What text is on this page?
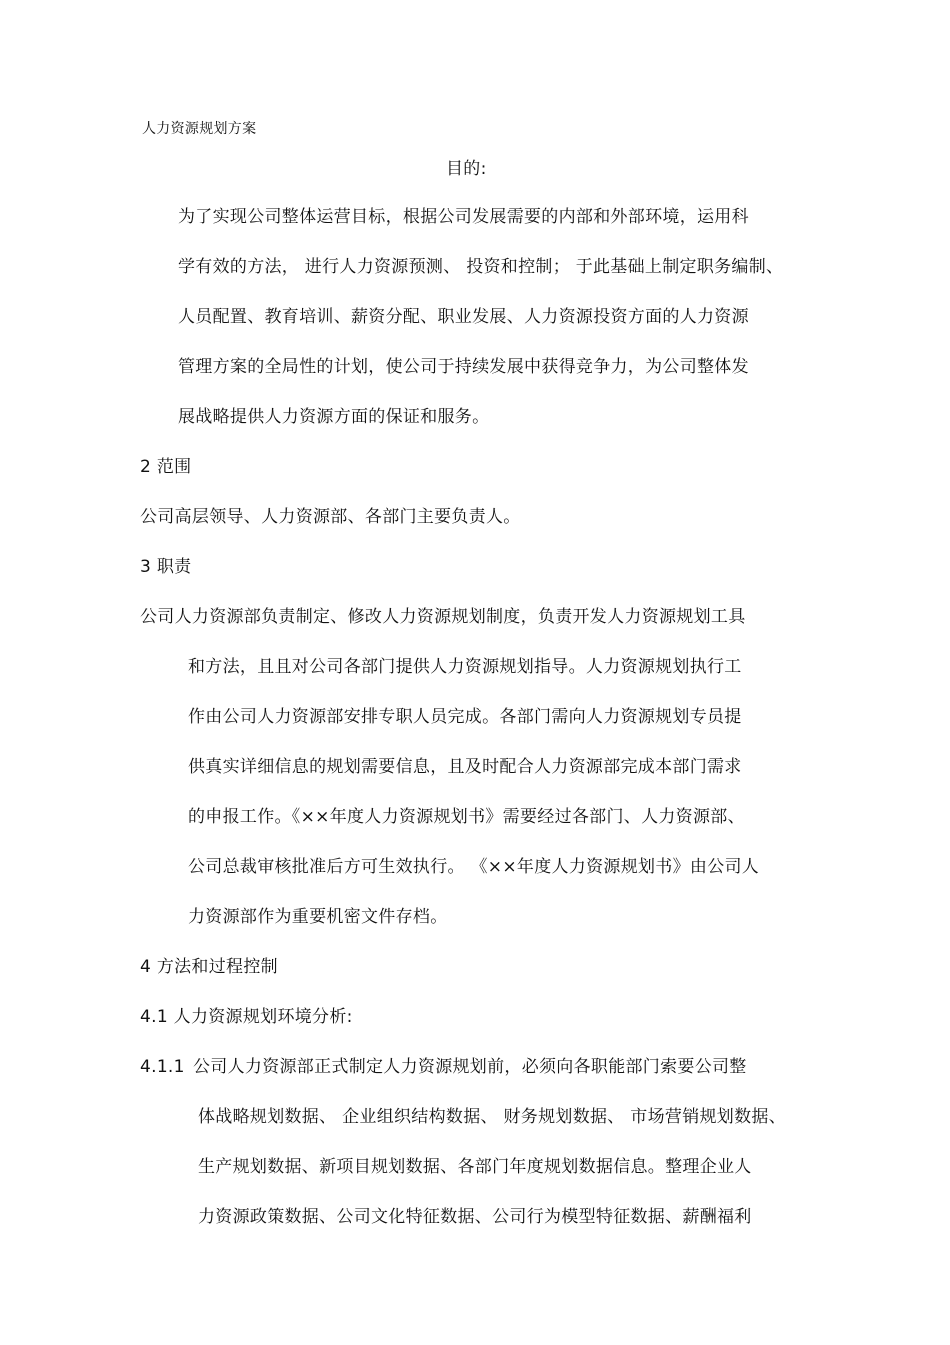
人力资源规划方案
目的:
为了实现公司整体运营目标，根据公司发展需要的内部和外部环境，运用科
学有效的方法， 进行人力资源预测、 投资和控制； 于此基础上制定职务编制、
人员配置、教育培训、薪资分配、职业发展、人力资源投资方面的人力资源
管理方案的全局性的计划，使公司于持续发展中获得竞争力，为公司整体发
展战略提供人力资源方面的保证和服务。
2 范围
公司高层领导、人力资源部、各部门主要负责人。
3 职责
公司人力资源部负责制定、修改人力资源规划制度，负责开发人力资源规划工具
和方法，且且对公司各部门提供人力资源规划指导。人力资源规划执行工
作由公司人力资源部安排专职人员完成。各部门需向人力资源规划专员提
供真实详细信息的规划需要信息，且及时配合人力资源部完成本部门需求
的申报工作。《××年度人力资源规划书》需要经过各部门、人力资源部、
公司总裁审核批准后方可生效执行。 《××年度人力资源规划书》由公司人
力资源部作为重要机密文件存档。
4 方法和过程控制
4.1 人力资源规划环境分析:
4.1.1 公司人力资源部正式制定人力资源规划前，必须向各职能部门索要公司整
体战略规划数据、 企业组织结构数据、 财务规划数据、 市场营销规划数据、
生产规划数据、新项目规划数据、各部门年度规划数据信息。整理企业人
力资源政策数据、公司文化特征数据、公司行为模型特征数据、薪酬福利
